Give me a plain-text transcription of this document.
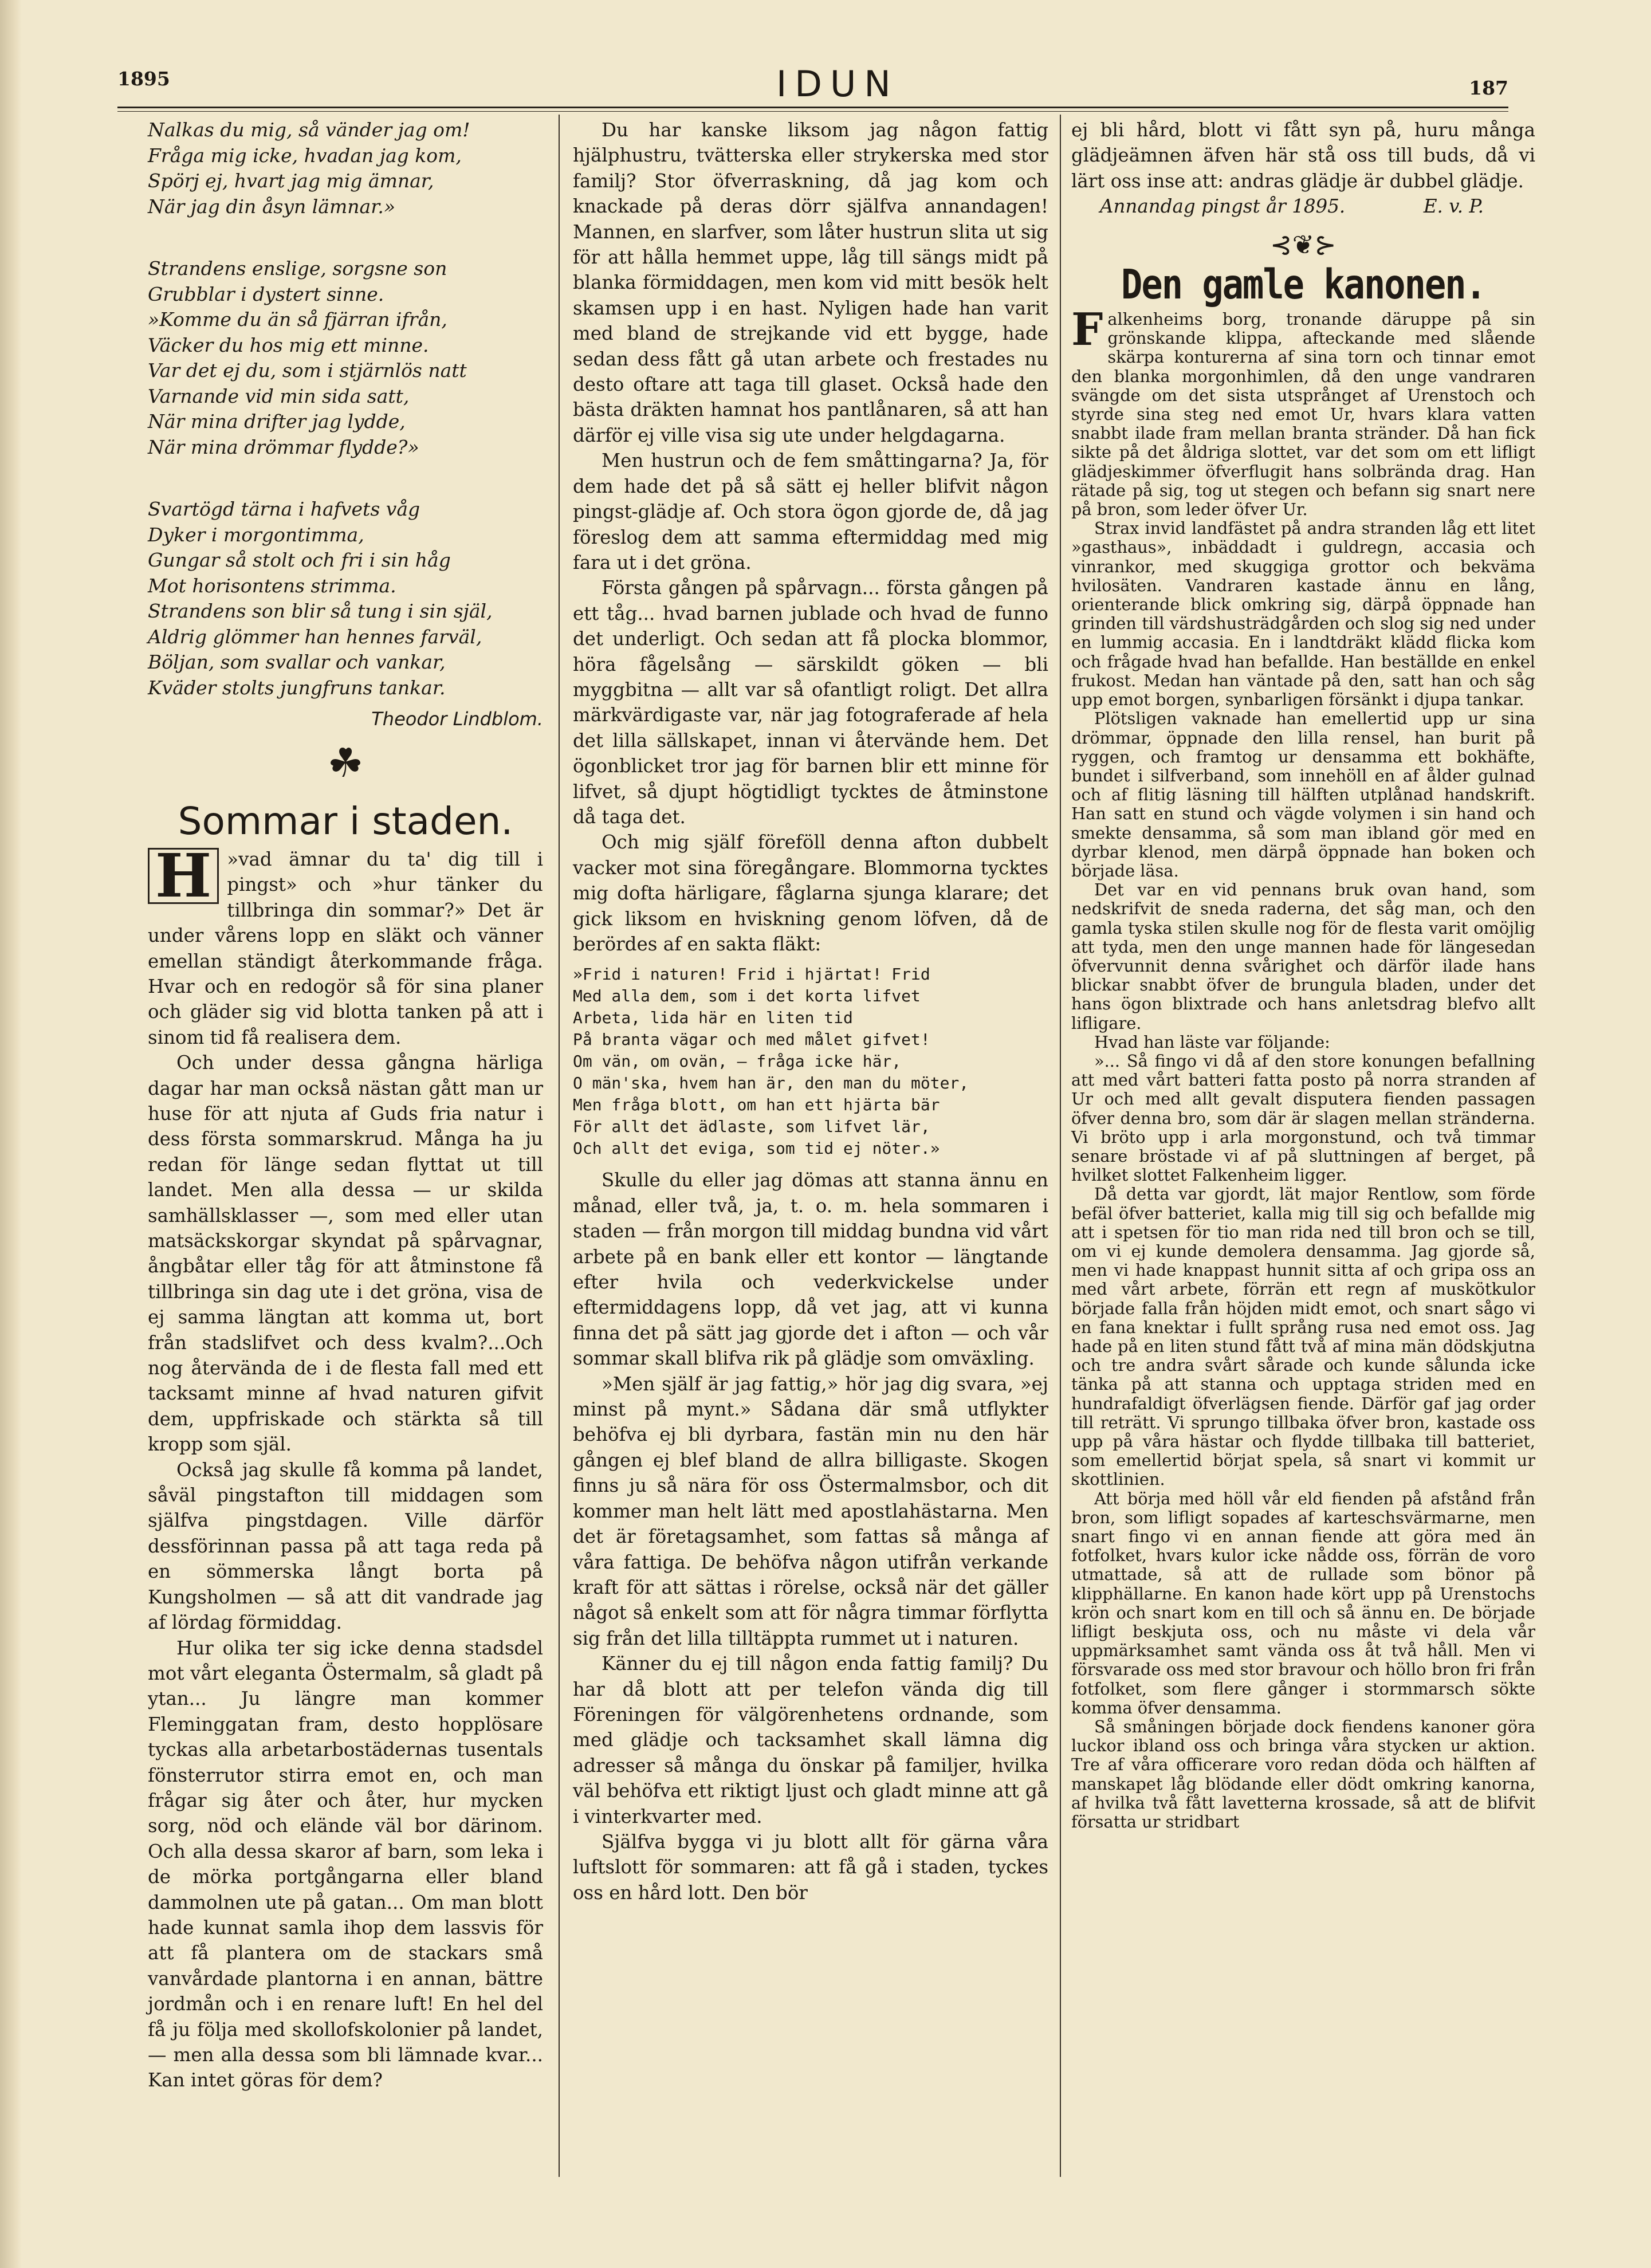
1895	IDUN	187
Nalkas du mig, så vänder jag om!
Fråga mig icke, hvadan jag kom,
Spörj ej, hvart jag mig ämnar,
När jag din åsyn lämnar.»
Strandens enslige, sorgsne son
Grubblar i dystert sinne.
»Komme du än så fjärran ifrån,
Väcker du hos mig ett minne.
Var det ej du, som i stjärnlös natt
Varnande vid min sida satt,
När mina drifter jag lydde,
När mina drömmar flydde?»
Svartögd tärna i hafvets våg
Dyker i morgontimma,
Gungar så stolt och fri i sin håg
Mot horisontens strimma.
Strandens son blir så tung i sin själ,
Aldrig glömmer han hennes farväl,
Böljan, som svallar och vankar,
Kväder stolts jungfruns tankar.
Theodor Lindblom.
☘
Sommar i staden.

H »vad ämnar du ta' dig till i pingst» och »hur tänker du tillbringa din sommar?» Det är under vårens lopp en släkt och vänner emellan ständigt återkommande fråga. Hvar och en redogör så för sina planer och gläder sig vid blotta tanken på att i sinom tid få realisera dem.

Och under dessa gångna härliga dagar har man också nästan gått man ur huse för att njuta af Guds fria natur i dess första sommarskrud. Många ha ju redan för länge sedan flyttat ut till landet. Men alla dessa — ur skilda samhällsklasser —, som med eller utan matsäckskorgar skyndat på spårvagnar, ångbåtar eller tåg för att åtminstone få tillbringa sin dag ute i det gröna, visa de ej samma längtan att komma ut, bort från stadslifvet och dess kvalm?...Och nog återvända de i de flesta fall med ett tacksamt minne af hvad naturen gifvit dem, uppfriskade och stärkta så till kropp som själ.

Också jag skulle få komma på landet, såväl pingstafton till middagen som själfva pingstdagen. Ville därför dessförinnan passa på att taga reda på en sömmerska långt borta på Kungsholmen — så att dit vandrade jag af lördag förmiddag.

Hur olika ter sig icke denna stadsdel mot vårt eleganta Östermalm, så gladt på ytan... Ju längre man kommer Fleminggatan fram, desto hopplösare tyckas alla arbetarbostädernas tusentals fönsterrutor stirra emot en, och man frågar sig åter och åter, hur mycken sorg, nöd och elände väl bor därinom. Och alla dessa skaror af barn, som leka i de mörka portgångarna eller bland dammolnen ute på gatan... Om man blott hade kunnat samla ihop dem lassvis för att få plantera om de stackars små vanvårdade plantorna i en annan, bättre jordmån och i en renare luft! En hel del få ju följa med skollofskolonier på landet, — men alla dessa som bli lämnade kvar... Kan intet göras för dem?

Du har kanske liksom jag någon fattig hjälphustru, tvätterska eller strykerska med stor familj? Stor öfverraskning, då jag kom och knackade på deras dörr själfva annandagen! Mannen, en slarfver, som låter hustrun slita ut sig för att hålla hemmet uppe, låg till sängs midt på blanka förmiddagen, men kom vid mitt besök helt skamsen upp i en hast. Nyligen hade han varit med bland de strejkande vid ett bygge, hade sedan dess fått gå utan arbete och frestades nu desto oftare att taga till glaset. Också hade den bästa dräkten hamnat hos pantlånaren, så att han därför ej ville visa sig ute under helgdagarna.

Men hustrun och de fem småttingarna? Ja, för dem hade det på så sätt ej heller blifvit någon pingst-glädje af. Och stora ögon gjorde de, då jag föreslog dem att samma eftermiddag med mig fara ut i det gröna.

Första gången på spårvagn... första gången på ett tåg... hvad barnen jublade och hvad de funno det underligt. Och sedan att få plocka blommor, höra fågelsång — särskildt göken — bli myggbitna — allt var så ofantligt roligt. Det allra märkvärdigaste var, när jag fotograferade af hela det lilla sällskapet, innan vi återvände hem. Det ögonblicket tror jag för barnen blir ett minne för lifvet, så djupt högtidligt tycktes de åtminstone då taga det.

Och mig själf föreföll denna afton dubbelt vacker mot sina föregångare. Blommorna tycktes mig dofta härligare, fåglarna sjunga klarare; det gick liksom en hviskning genom löfven, då de berördes af en sakta fläkt:

»Frid i naturen! Frid i hjärtat! Frid
Med alla dem, som i det korta lifvet
Arbeta, lida här en liten tid
På branta vägar och med målet gifvet!
Om vän, om ovän, — fråga icke här,
O män'ska, hvem han är, den man du möter,
Men fråga blott, om han ett hjärta bär
För allt det ädlaste, som lifvet lär,
Och allt det eviga, som tid ej nöter.»

Skulle du eller jag dömas att stanna ännu en månad, eller två, ja, t. o. m. hela sommaren i staden — från morgon till middag bundna vid vårt arbete på en bank eller ett kontor — längtande efter hvila och vederkvickelse under eftermiddagens lopp, då vet jag, att vi kunna finna det på sätt jag gjorde det i afton — och vår sommar skall blifva rik på glädje som omväxling.

»Men själf är jag fattig,» hör jag dig svara, »ej minst på mynt.» Sådana där små utflykter behöfva ej bli dyrbara, fastän min nu den här gången ej blef bland de allra billigaste. Skogen finns ju så nära för oss Östermalmsbor, och dit kommer man helt lätt med apostlahästarna. Men det är företagsamhet, som fattas så många af våra fattiga. De behöfva någon utifrån verkande kraft för att sättas i rörelse, också när det gäller något så enkelt som att för några timmar förflytta sig från det lilla tilltäppta rummet ut i naturen.

Känner du ej till någon enda fattig familj? Du har då blott att per telefon vända dig till Föreningen för välgörenhetens ordnande, som med glädje och tacksamhet skall lämna dig adresser så många du önskar på familjer, hvilka väl behöfva ett riktigt ljust och gladt minne att gå i vinterkvarter med.

Själfva bygga vi ju blott allt för gärna våra luftslott för sommaren: att få gå i staden, tyckes oss en hård lott. Den bör

ej bli hård, blott vi fått syn på, huru många glädjeämnen äfven här stå oss till buds, då vi lärt oss inse att: andras glädje är dubbel glädje.

Annandag pingst år 1895.	E. v. P.
⊰❦⊱
Den gamle kanonen.

Falkenheims borg, tronande däruppe på sin grönskande klippa, afteckande med slående skärpa konturerna af sina torn och tinnar emot den blanka morgonhimlen, då den unge vandraren svängde om det sista utsprånget af Urenstoch och styrde sina steg ned emot Ur, hvars klara vatten snabbt ilade fram mellan branta stränder. Då han fick sikte på det åldriga slottet, var det som om ett lifligt glädjeskimmer öfverflugit hans solbrända drag. Han rätade på sig, tog ut stegen och befann sig snart nere på bron, som leder öfver Ur.

Strax invid landfästet på andra stranden låg ett litet »gasthaus», inbäddadt i guldregn, accasia och vinrankor, med skuggiga grottor och bekväma hvilosäten. Vandraren kastade ännu en lång, orienterande blick omkring sig, därpå öppnade han grinden till värdshusträdgården och slog sig ned under en lummig accasia. En i landtdräkt klädd flicka kom och frågade hvad han befallde. Han beställde en enkel frukost. Medan han väntade på den, satt han och såg upp emot borgen, synbarligen försänkt i djupa tankar.

Plötsligen vaknade han emellertid upp ur sina drömmar, öppnade den lilla rensel, han burit på ryggen, och framtog ur densamma ett bokhäfte, bundet i silfverband, som innehöll en af ålder gulnad och af flitig läsning till hälften utplånad handskrift. Han satt en stund och vägde volymen i sin hand och smekte densamma, så som man ibland gör med en dyrbar klenod, men därpå öppnade han boken och började läsa.

Det var en vid pennans bruk ovan hand, som nedskrifvit de sneda raderna, det såg man, och den gamla tyska stilen skulle nog för de flesta varit omöjlig att tyda, men den unge mannen hade för längesedan öfvervunnit denna svårighet och därför ilade hans blickar snabbt öfver de brungula bladen, under det hans ögon blixtrade och hans anletsdrag blefvo allt lifligare.

Hvad han läste var följande:

»... Så fingo vi då af den store konungen befallning att med vårt batteri fatta posto på norra stranden af Ur och med allt gevalt disputera fienden passagen öfver denna bro, som där är slagen mellan stränderna. Vi bröto upp i arla morgonstund, och två timmar senare bröstade vi af på sluttningen af berget, på hvilket slottet Falkenheim ligger.

Då detta var gjordt, lät major Rentlow, som förde befäl öfver batteriet, kalla mig till sig och befallde mig att i spetsen för tio man rida ned till bron och se till, om vi ej kunde demolera densamma. Jag gjorde så, men vi hade knappast hunnit sitta af och gripa oss an med vårt arbete, förrän ett regn af muskötkulor började falla från höjden midt emot, och snart sågo vi en fana knektar i fullt språng rusa ned emot oss. Jag hade på en liten stund fått två af mina män dödskjutna och tre andra svårt sårade och kunde sålunda icke tänka på att stanna och upptaga striden med en hundrafaldigt öfverlägsen fiende. Därför gaf jag order till reträtt. Vi sprungo tillbaka öfver bron, kastade oss upp på våra hästar och flydde tillbaka till batteriet, som emellertid börjat spela, så snart vi kommit ur skottlinien.

Att börja med höll vår eld fienden på afstånd från bron, som lifligt sopades af karteschsvärmarne, men snart fingo vi en annan fiende att göra med än fotfolket, hvars kulor icke nådde oss, förrän de voro utmattade, så att de rullade som bönor på klipphällarne. En kanon hade kört upp på Urenstochs krön och snart kom en till och så ännu en. De började lifligt beskjuta oss, och nu måste vi dela vår uppmärksamhet samt vända oss åt två håll. Men vi försvarade oss med stor bravour och höllo bron fri från fotfolket, som flere gånger i stormmarsch sökte komma öfver densamma.

Så småningen började dock fiendens kanoner göra luckor ibland oss och bringa våra stycken ur aktion. Tre af våra officerare voro redan döda och hälften af manskapet låg blödande eller dödt omkring kanorna, af hvilka två fått lavetterna krossade, så att de blifvit försatta ur stridbart
